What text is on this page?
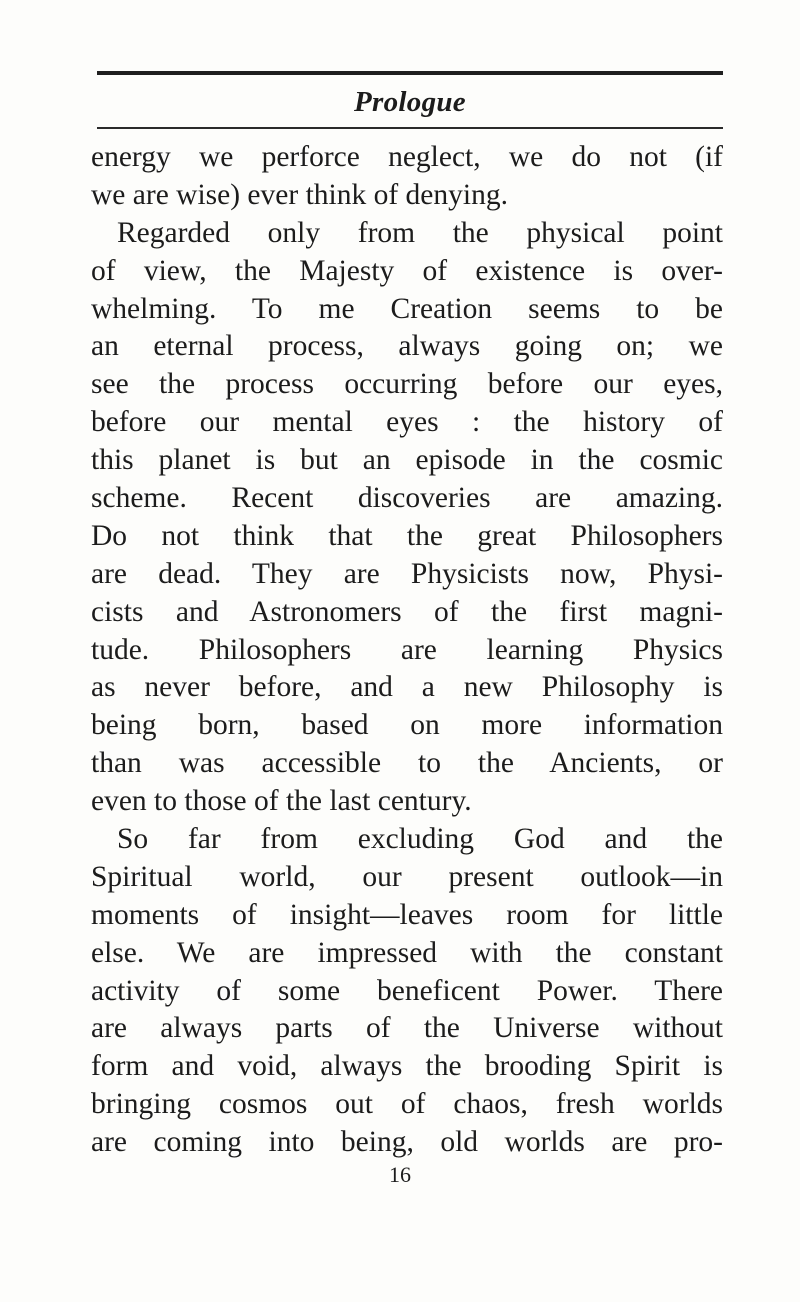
Prologue
energy we perforce neglect, we do not (if
we are wise) ever think of denying.
Regarded only from the physical point
of view, the Majesty of existence is over-
whelming. To me Creation seems to be
an eternal process, always going on; we
see the process occurring before our eyes,
before our mental eyes : the history of
this planet is but an episode in the cosmic
scheme. Recent discoveries are amazing.
Do not think that the great Philosophers
are dead. They are Physicists now, Physi-
cists and Astronomers of the first magni-
tude. Philosophers are learning Physics
as never before, and a new Philosophy is
being born, based on more information
than was accessible to the Ancients, or
even to those of the last century.
So far from excluding God and the
Spiritual world, our present outlook—in
moments of insight—leaves room for little
else. We are impressed with the constant
activity of some beneficent Power. There
are always parts of the Universe without
form and void, always the brooding Spirit is
bringing cosmos out of chaos, fresh worlds
are coming into being, old worlds are pro-
16
